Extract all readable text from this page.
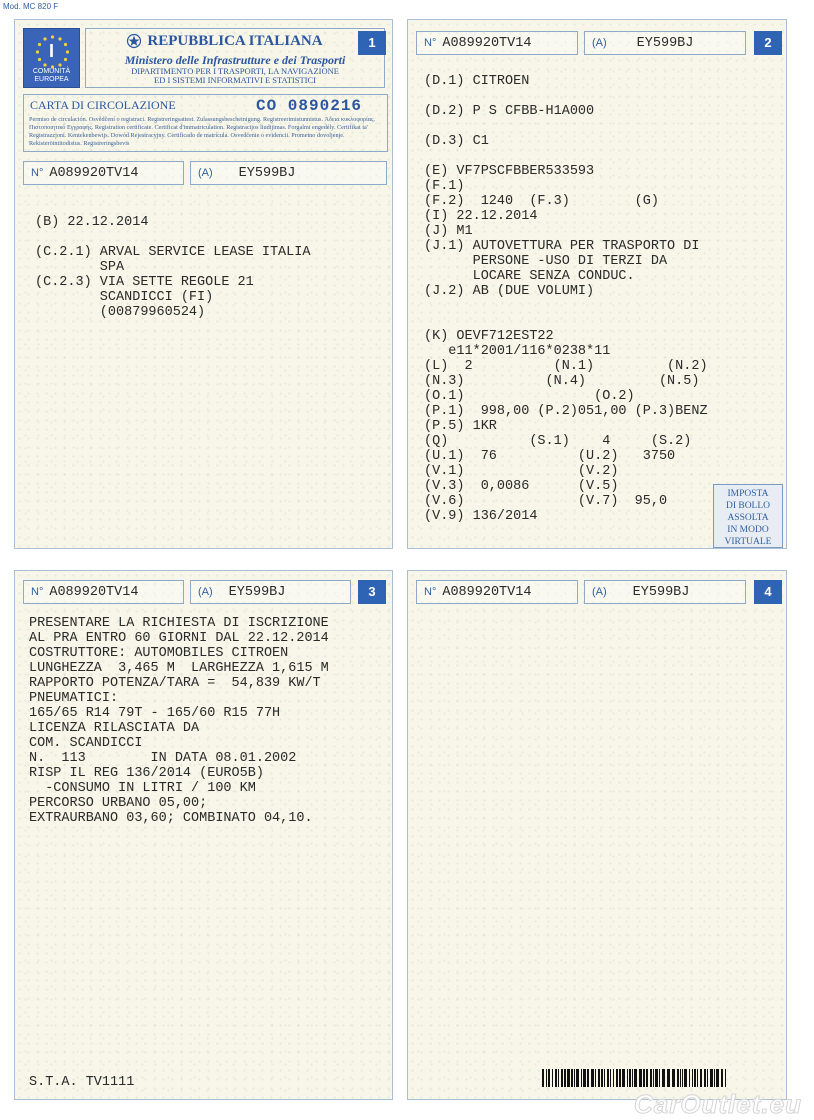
Mod. MC 820 F
I
COMUNITÀ EUROPEA
REPUBBLICA ITALIANA
Ministero delle Infrastrutture e dei Trasporti
DIPARTIMENTO PER I TRASPORTI, LA NAVIGAZIONE
ED I SISTEMI INFORMATIVI E STATISTICI
1
CARTA DI CIRCOLAZIONE	CO 0890216
Permiso de circulación. Osvědčení o registraci. Registreringsattest. Zulassungsbescheinigung. Registreerimistunnistus. Άδεια κυκλοφορίας. Πιστοποιητικό Εγγραφής. Registration certificate. Certificat d'immatriculation. Registracijos liudijimas. Forgalmi engedély. Certifikat ta' Registrazzjoni. Kentekenbewijs. Dowód Rejestracyjny. Certificado de matrícula. Osvedčenie o evidencii. Prometno dovoljenje. Rekisteröintitodistus. Registreringsbevis
N° A089920TV14	(A) EY599BJ
(B) 22.12.2014

(C.2.1) ARVAL SERVICE LEASE ITALIA
SPA
(C.2.3) VIA SETTE REGOLE 21
SCANDICCI (FI)
(00879960524)
N° A089920TV14	(A) EY599BJ	2
(D.1) CITROEN

(D.2) P S CFBB-H1A000

(D.3) C1

(E) VF7PSCFBBER533593
(F.1)
(F.2)  1240  (F.3)        (G)
(I) 22.12.2014
(J) M1
(J.1) AUTOVETTURA PER TRASPORTO DI
PERSONE -USO DI TERZI DA
LOCARE SENZA CONDUC.
(J.2) AB (DUE VOLUMI)

(K) OEVF712EST22
e11*2001/116*0238*11
(L)  2          (N.1)         (N.2)
(N.3)          (N.4)         (N.5)
(O.1)                (O.2)
(P.1)  998,00 (P.2)051,00 (P.3)BENZ
(P.5) 1KR
(Q)          (S.1)    4     (S.2)
(U.1)  76          (U.2)   3750
(V.1)              (V.2)
(V.3)  0,0086      (V.5)
(V.6)              (V.7)  95,0
(V.9) 136/2014
IMPOSTA
DI BOLLO
ASSOLTA
IN MODO
VIRTUALE
N° A089920TV14	(A) EY599BJ	3
PRESENTARE LA RICHIESTA DI ISCRIZIONE
AL PRA ENTRO 60 GIORNI DAL 22.12.2014
COSTRUTTORE: AUTOMOBILES CITROEN
LUNGHEZZA  3,465 M  LARGHEZZA 1,615 M
RAPPORTO POTENZA/TARA =  54,839 KW/T
PNEUMATICI:
165/65 R14 79T - 165/60 R15 77H
LICENZA RILASCIATA DA
COM. SCANDICCI
N.  113        IN DATA 08.01.2002
RISP IL REG 136/2014 (EURO5B)
-CONSUMO IN LITRI / 100 KM
PERCORSO URBANO 05,00;
EXTRAURBANO 03,60; COMBINATO 04,10.
S.T.A. TV1111
N° A089920TV14	(A) EY599BJ	4
CarOutlet.eu
